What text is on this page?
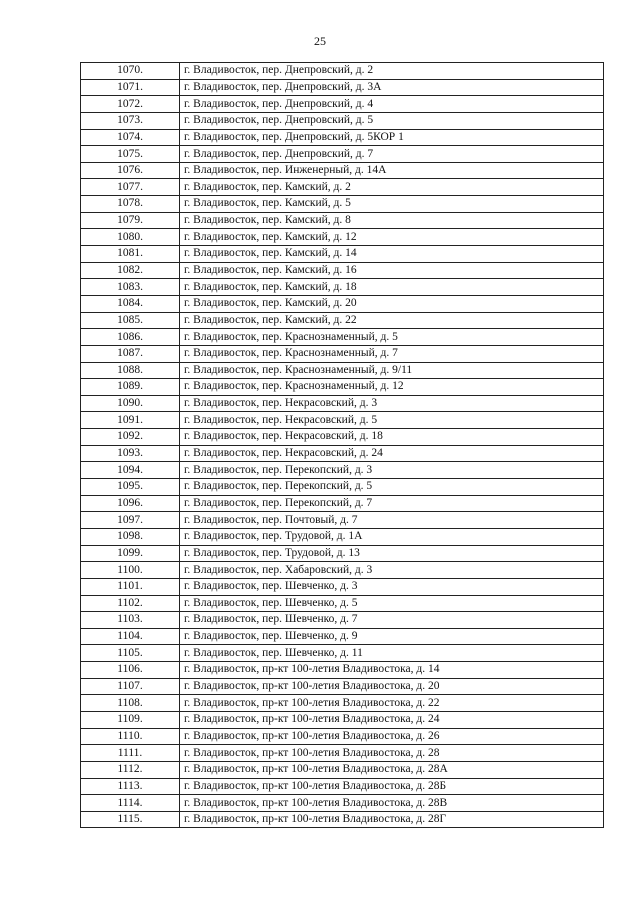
25
1070.	г. Владивосток, пер. Днепровский, д. 2
1071.	г. Владивосток, пер. Днепровский, д. 3А
1072.	г. Владивосток, пер. Днепровский, д. 4
1073.	г. Владивосток, пер. Днепровский, д. 5
1074.	г. Владивосток, пер. Днепровский, д. 5КОР 1
1075.	г. Владивосток, пер. Днепровский, д. 7
1076.	г. Владивосток, пер. Инженерный, д. 14А
1077.	г. Владивосток, пер. Камский, д. 2
1078.	г. Владивосток, пер. Камский, д. 5
1079.	г. Владивосток, пер. Камский, д. 8
1080.	г. Владивосток, пер. Камский, д. 12
1081.	г. Владивосток, пер. Камский, д. 14
1082.	г. Владивосток, пер. Камский, д. 16
1083.	г. Владивосток, пер. Камский, д. 18
1084.	г. Владивосток, пер. Камский, д. 20
1085.	г. Владивосток, пер. Камский, д. 22
1086.	г. Владивосток, пер. Краснознаменный, д. 5
1087.	г. Владивосток, пер. Краснознаменный, д. 7
1088.	г. Владивосток, пер. Краснознаменный, д. 9/11
1089.	г. Владивосток, пер. Краснознаменный, д. 12
1090.	г. Владивосток, пер. Некрасовский, д. 3
1091.	г. Владивосток, пер. Некрасовский, д. 5
1092.	г. Владивосток, пер. Некрасовский, д. 18
1093.	г. Владивосток, пер. Некрасовский, д. 24
1094.	г. Владивосток, пер. Перекопский, д. 3
1095.	г. Владивосток, пер. Перекопский, д. 5
1096.	г. Владивосток, пер. Перекопский, д. 7
1097.	г. Владивосток, пер. Почтовый, д. 7
1098.	г. Владивосток, пер. Трудовой, д. 1А
1099.	г. Владивосток, пер. Трудовой, д. 13
1100.	г. Владивосток, пер. Хабаровский, д. 3
1101.	г. Владивосток, пер. Шевченко, д. 3
1102.	г. Владивосток, пер. Шевченко, д. 5
1103.	г. Владивосток, пер. Шевченко, д. 7
1104.	г. Владивосток, пер. Шевченко, д. 9
1105.	г. Владивосток, пер. Шевченко, д. 11
1106.	г. Владивосток, пр-кт 100-летия Владивостока, д. 14
1107.	г. Владивосток, пр-кт 100-летия Владивостока, д. 20
1108.	г. Владивосток, пр-кт 100-летия Владивостока, д. 22
1109.	г. Владивосток, пр-кт 100-летия Владивостока, д. 24
1110.	г. Владивосток, пр-кт 100-летия Владивостока, д. 26
1111.	г. Владивосток, пр-кт 100-летия Владивостока, д. 28
1112.	г. Владивосток, пр-кт 100-летия Владивостока, д. 28А
1113.	г. Владивосток, пр-кт 100-летия Владивостока, д. 28Б
1114.	г. Владивосток, пр-кт 100-летия Владивостока, д. 28В
1115.	г. Владивосток, пр-кт 100-летия Владивостока, д. 28Г
